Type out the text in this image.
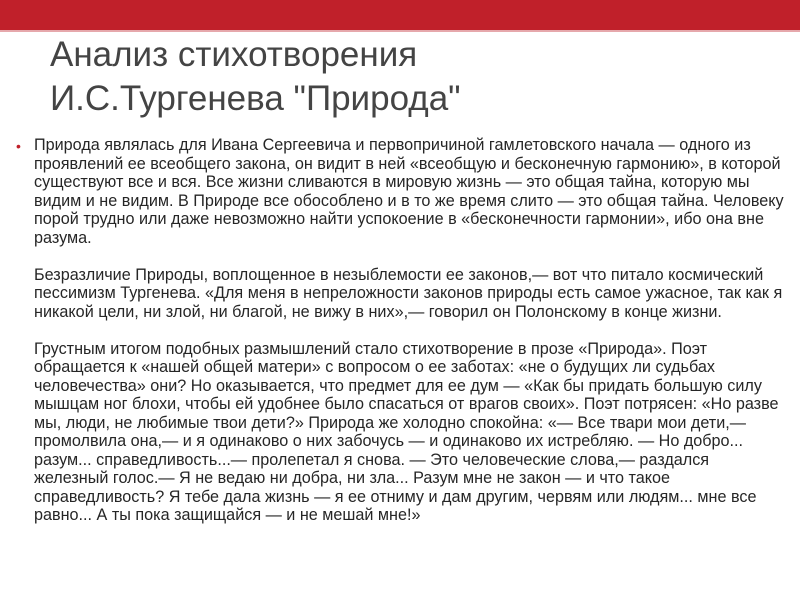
Анализ стихотворения
И.С.Тургенева "Природа"
• Природа являлась для Ивана Сергеевича и первопричиной гамлетовского начала — одного из проявлений ее всеобщего закона, он видит в ней «всеобщую и бесконечную гармонию», в которой существуют все и вся. Все жизни сливаются в мировую жизнь — это общая тайна, которую мы видим и не видим. В Природе все обособлено и в то же время слито — это общая тайна. Человеку порой трудно или даже невозможно найти успокоение в «бесконечности гармонии», ибо она вне разума.

Безразличие Природы, воплощенное в незыблемости ее законов,— вот что питало космический пессимизм Тургенева. «Для меня в непреложности законов природы есть самое ужасное, так как я никакой цели, ни злой, ни благой, не вижу в них»,— говорил он Полонскому в конце жизни.

Грустным итогом подобных размышлений стало стихотворение в прозе «Природа». Поэт обращается к «нашей общей матери» с вопросом о ее заботах: «не о будущих ли судьбах человечества» они? Но оказывается, что предмет для ее дум — «Как бы придать большую силу мышцам ног блохи, чтобы ей удобнее было спасаться от врагов своих». Поэт потрясен: «Но разве мы, люди, не любимые твои дети?» Природа же холодно спокойна: «— Все твари мои дети,— промолвила она,— и я одинаково о них забочусь — и одинаково их истребляю. — Но добро... разум... справедливость...— пролепетал я снова. — Это человеческие слова,— раздался железный голос.— Я не ведаю ни добра, ни зла... Разум мне не закон — и что такое справедливость? Я тебе дала жизнь — я ее отниму и дам другим, червям или людям... мне все равно... А ты пока защищайся — и не мешай мне!»
